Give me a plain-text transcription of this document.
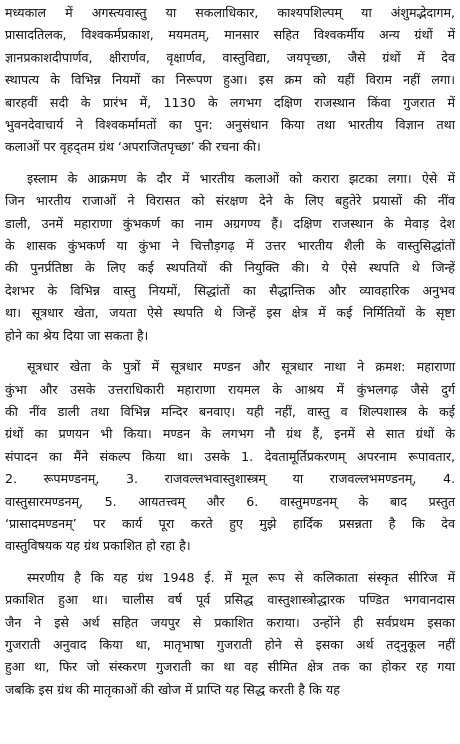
मध्यकाल में अगस्त्यवास्तु या सकलाधिकार, काश्यपशिल्पम् या अंशुमद्भेदागम,
प्रासादतिलक, विश्वकर्मप्रकाश, मयमतम्, मानसार सहित विश्वकर्मीय अन्य ग्रंथों में
ज्ञानप्रकाशदीपार्णव, क्षीरार्णव, वृक्षार्णव, वास्तुविद्या, जयपृच्छा, जैसे ग्रंथों में देव
स्थापत्य के विभिन्न नियमों का निरूपण हुआ। इस क्रम को यहीं विराम नहीं लगा।
बारहवीं सदी के प्रारंभ में, 1130 के लगभग दक्षिण राजस्थान किंवा गुजरात में
भुवनदेवाचार्य ने विश्वकर्मामतों का पुन: अनुसंधान किया तथा भारतीय विज्ञान तथा
कलाओं पर वृहद्तम ग्रंथ ‘अपराजितपृच्छा’ की रचना की।

इस्लाम के आक्रमण के दौर में भारतीय कलाओं को करारा झटका लगा। ऐसे में
जिन भारतीय राजाओं ने विरासत को संरक्षण देने के लिए बहुतेरे प्रयासों की नींव
डाली, उनमें महाराणा कुंभकर्ण का नाम अग्रगण्य हैं। दक्षिण राजस्थान के मेवाड़ देश
के शासक कुंभकर्ण या कुंभा ने चित्तौड़गढ़ में उत्तर भारतीय शैली के वास्तुसिद्धांतों
की पुनर्प्रतिष्ठा के लिए कई स्थपतियों की नियुक्ति की। ये ऐसे स्थपति थे जिन्हें
देशभर के विभिन्न वास्तु नियमों, सिद्धांतों का सैद्धान्तिक और व्यावहारिक अनुभव
था। सूत्रधार खेता, जयता ऐसे स्थपति थे जिन्हें इस क्षेत्र में कई निर्मितियों के सृष्टा
होने का श्रेय दिया जा सकता है।

सूत्रधार खेता के पुत्रों में सूत्रधार मण्डन और सूत्रधार नाथा ने क्रमश: महाराणा
कुंभा और उसके उत्तराधिकारी महाराणा रायमल के आश्रय में कुंभलगढ़ जैसे दुर्ग
की नींव डाली तथा विभिन्न मन्दिर बनवाए। यही नहीं, वास्तु व शिल्पशास्त्र के कई
ग्रंथों का प्रणयन भी किया। मण्डन के लगभग नौ ग्रंथ हैं, इनमें से सात ग्रंथों के
संपादन का मैंने संकल्प किया था। उसके 1. देवतामूर्तिप्रकरणम् अपरनाम रूपावतार,
2. रूपमण्डनम्, 3. राजवल्लभवास्तुशास्त्रम् या राजवल्लभमण्डनम्, 4.
वास्तुसारमण्डनम्, 5. आयतत्त्वम् और 6. वास्तुमण्डनम् के बाद प्रस्तुत
‘प्रासादमण्डनम्’ पर कार्य पूरा करते हुए मुझे हार्दिक प्रसन्नता है कि देव
वास्तुविषयक यह ग्रंथ प्रकाशित हो रहा है।

स्मरणीय है कि यह ग्रंथ 1948 ई. में मूल रूप से कलिकाता संस्कृत सीरिज में
प्रकाशित हुआ था। चालीस वर्ष पूर्व प्रसिद्ध वास्तुशास्त्रोद्धारक पण्डित भगवानदास
जैन ने इसे अर्थ सहित जयपुर से प्रकाशित कराया। उन्होंने ही सर्वप्रथम इसका
गुजराती अनुवाद किया था, मातृभाषा गुजराती होने से इसका अर्थ तद्नुकूल नहीं
हुआ था, फिर जो संस्करण गुजराती का था वह सीमित क्षेत्र तक का होकर रह गया
जबकि इस ग्रंथ की मातृकाओं की खोज में प्राप्ति यह सिद्ध करती है कि यह
